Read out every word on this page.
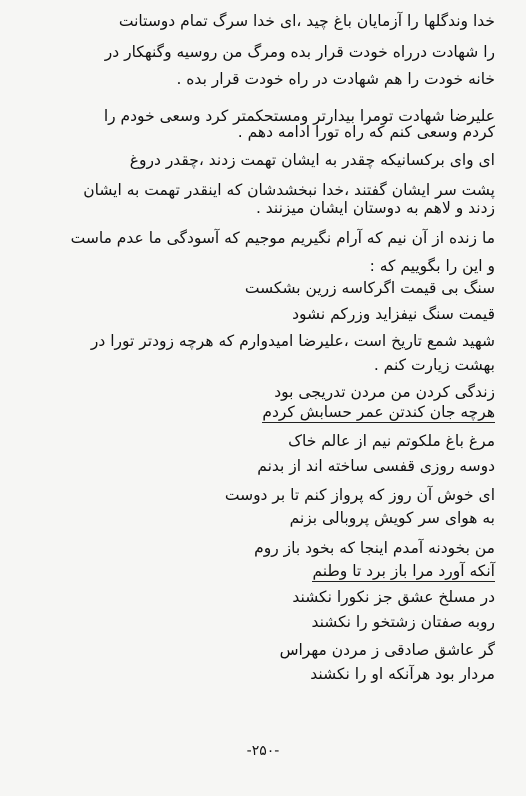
خدا وندگلها را آزمایان باغ چید ،ای خدا سرگ تمام دوستانت
را شهادت درراه خودت قرار بده ومرگ من روسیه وگنهکار در
خانه خودت را هم شهادت در راه خودت قرار بده .
علیرضا شهادت تومرا بیدارتر ومستحکمتر کرد وسعی خودم را
کردم وسعی کنم که راه تورا ادامه دهم .
ای وای برکسانیکه چقدر به ایشان تهمت زدند ،چقدر دروغ
پشت سر ایشان گفتند ،خدا نبخشدشان که اینقدر تهمت به ایشان
زدند و لاهم به دوستان ایشان میزنند .
ما زنده از آن نیم که آرام نگیریم موجیم که آسودگی ما عدم ماست
و این را بگوییم که :
سنگ بی قیمت اگرکاسه زرین بشکست
قیمت سنگ نیفزاید وزرکم نشود
شهید شمع تاریخ است ،علیرضا امیدوارم که هرچه زودتر تورا در
بهشت زیارت کنم .
زندگی کردن من مردن تدریجی بود
هرچه جان کندتن عمر حسابش کردم
مرغ باغ ملکوتم نیم از عالم خاک
دوسه روزی قفسی ساخته اند از بدنم
ای خوش آن روز که پرواز کنم تا بر دوست
به هوای سر کویش پروبالی بزنم
من بخودنه آمدم اینجا که بخود باز روم
آنکه آورد مرا باز برد تا وطنم
در مسلخ عشق جز نکورا نکشند
روبه صفتان زشتخو را نکشند
گر عاشق صادقی ز مردن مهراس
مردار بود هرآنکه او را نکشند
-۲۵۰-
